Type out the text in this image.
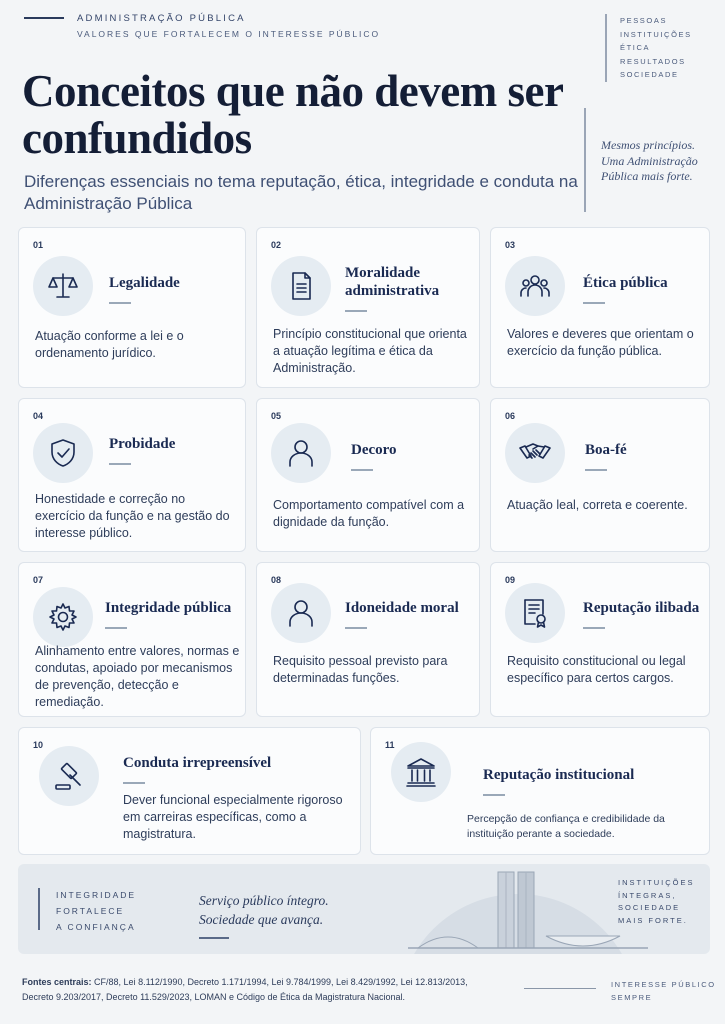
ADMINISTRAÇÃO PÚBLICA
VALORES QUE FORTALECEM O INTERESSE PÚBLICO
PESSOAS
INSTITUIÇÕES
ÉTICA
RESULTADOS
SOCIEDADE
Conceitos que não devem ser confundidos
Diferenças essenciais no tema reputação, ética, integridade e conduta na Administração Pública
Mesmos princípios. Uma Administração Pública mais forte.
01
Legalidade
Atuação conforme a lei e o ordenamento jurídico.
02
Moralidade administrativa
Princípio constitucional que orienta a atuação legítima e ética da Administração.
03
Ética pública
Valores e deveres que orientam o exercício da função pública.
04
Probidade
Honestidade e correção no exercício da função e na gestão do interesse público.
05
Decoro
Comportamento compatível com a dignidade da função.
06
Boa-fé
Atuação leal, correta e coerente.
07
Integridade pública
Alinhamento entre valores, normas e condutas, apoiado por mecanismos de prevenção, detecção e remediação.
08
Idoneidade moral
Requisito pessoal previsto para determinadas funções.
09
Reputação ilibada
Requisito constitucional ou legal específico para certos cargos.
10
Conduta irrepreensível
Dever funcional especialmente rigoroso em carreiras específicas, como a magistratura.
11
Reputação institucional
Percepção de confiança e credibilidade da instituição perante a sociedade.
INTEGRIDADE
FORTALECE
A CONFIANÇA
Serviço público íntegro.
Sociedade que avança.
INSTITUIÇÕES
ÍNTEGRAS,
SOCIEDADE
MAIS FORTE.
Fontes centrais: CF/88, Lei 8.112/1990, Decreto 1.171/1994, Lei 9.784/1999, Lei 8.429/1992, Lei 12.813/2013, Decreto 9.203/2017, Decreto 11.529/2023, LOMAN e Código de Ética da Magistratura Nacional.
INTERESSE PÚBLICO
SEMPRE
